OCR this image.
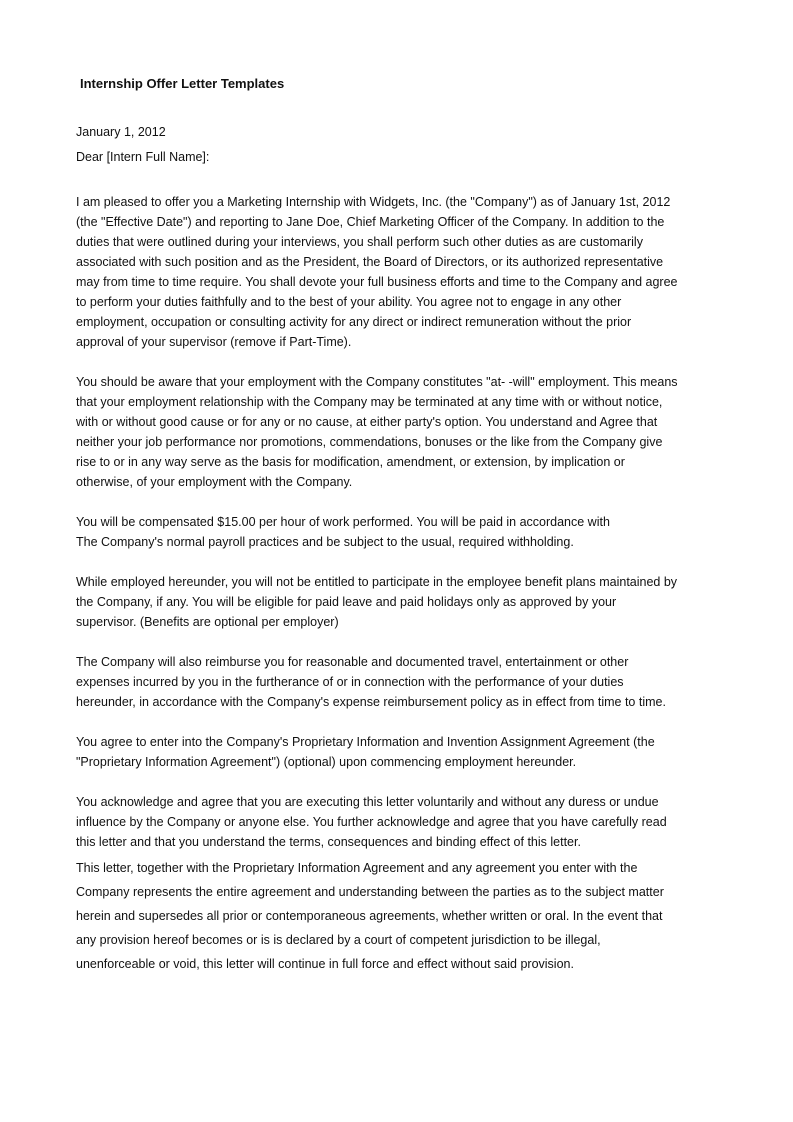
Internship Offer Letter Templates
January 1, 2012
Dear [Intern Full Name]:
I am pleased to offer you a Marketing Internship with Widgets, Inc. (the "Company") as of January 1st, 2012
(the "Effective Date") and reporting to Jane Doe, Chief Marketing Officer of the Company. In addition to the
duties that were outlined during your interviews, you shall perform such other duties as are customarily
associated with such position and as the President, the Board of Directors, or its authorized representative
may from time to time require. You shall devote your full business efforts and time to the Company and agree
to perform your duties faithfully and to the best of your ability. You agree not to engage in any other
employment, occupation or consulting activity for any direct or indirect remuneration without the prior
approval of your supervisor (remove if Part-Time).
You should be aware that your employment with the Company constitutes "at- -will" employment. This means
that your employment relationship with the Company may be terminated at any time with or without notice,
with or without good cause or for any or no cause, at either party's option. You understand and Agree that
neither your job performance nor promotions, commendations, bonuses or the like from the Company give
rise to or in any way serve as the basis for modification, amendment, or extension, by implication or
otherwise, of your employment with the Company.
You will be compensated $15.00 per hour of work performed. You will be paid in accordance with
The Company's normal payroll practices and be subject to the usual, required withholding.
While employed hereunder, you will not be entitled to participate in the employee benefit plans maintained by
the Company, if any. You will be eligible for paid leave and paid holidays only as approved by your
supervisor. (Benefits are optional per employer)
The Company will also reimburse you for reasonable and documented travel, entertainment or other
expenses incurred by you in the furtherance of or in connection with the performance of your duties
hereunder, in accordance with the Company's expense reimbursement policy as in effect from time to time.
You agree to enter into the Company's Proprietary Information and Invention Assignment Agreement (the
"Proprietary Information Agreement") (optional) upon commencing employment hereunder.
You acknowledge and agree that you are executing this letter voluntarily and without any duress or undue
influence by the Company or anyone else. You further acknowledge and agree that you have carefully read
this letter and that you understand the terms, consequences and binding effect of this letter.
This letter, together with the Proprietary Information Agreement and any agreement you enter with the
Company represents the entire agreement and understanding between the parties as to the subject matter
herein and supersedes all prior or contemporaneous agreements, whether written or oral. In the event that
any provision hereof becomes or is is declared by a court of competent jurisdiction to be illegal,
unenforceable or void, this letter will continue in full force and effect without said provision.
